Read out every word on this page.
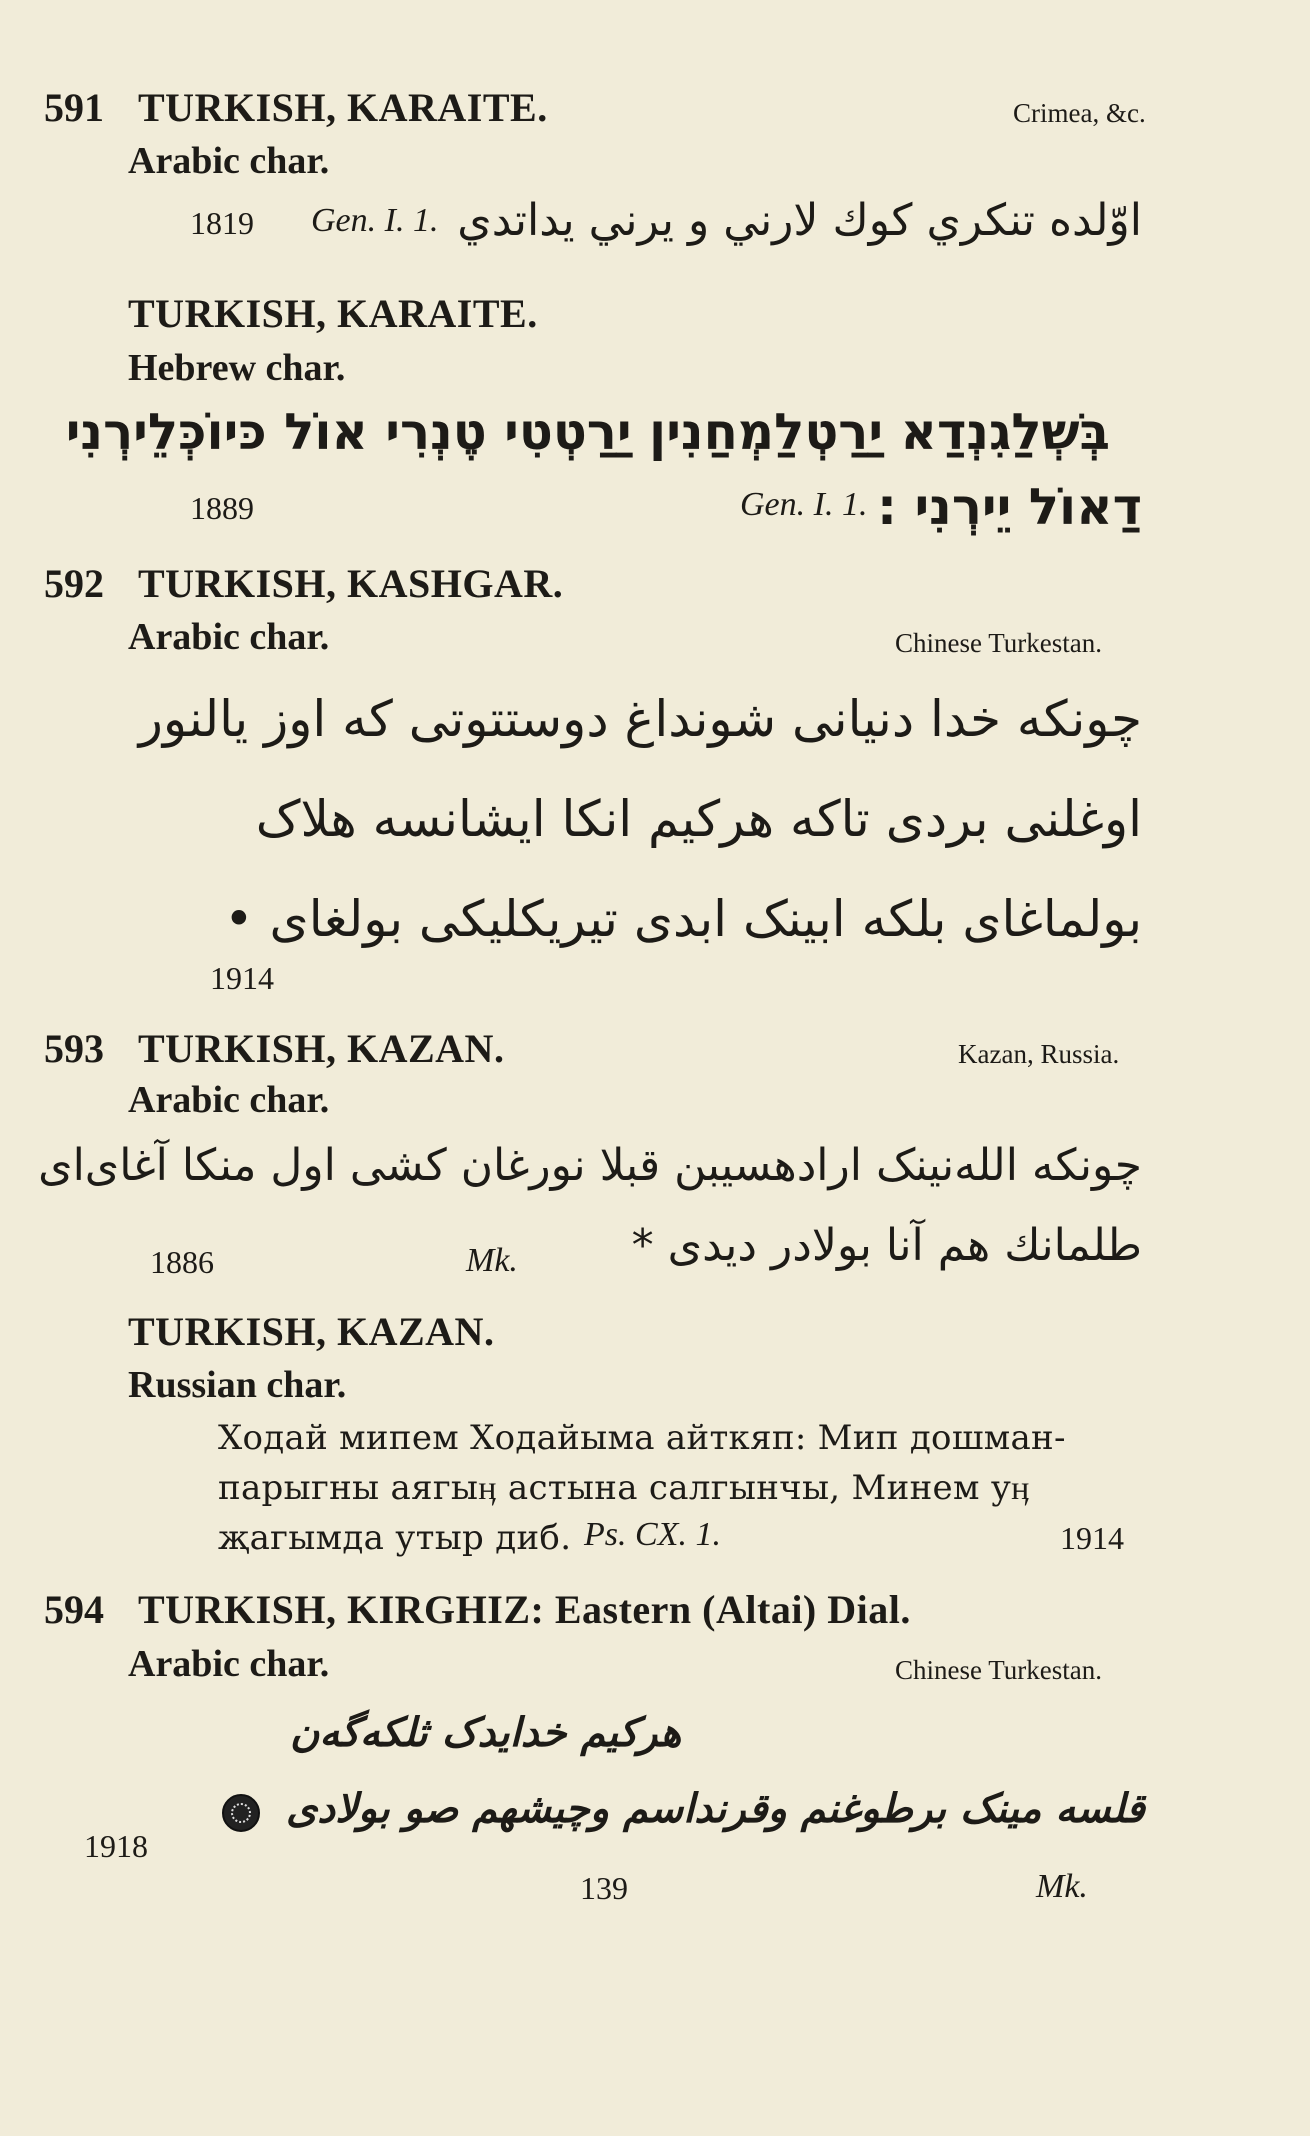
591 TURKISH, KARAITE.	Crimea, &c.
Arabic char.
1819 Gen. I. 1. اوّلده تنكري كوك لارني و يرني يداتدي
TURKISH, KARAITE.
Hebrew char.
בְּשְׁלַגִנְדַא יַרַטְלַמְחַנִין יַרַטְטִי טֶנְרִי אוֹל כּיוֹכְּלֵירְנִי
דַאוֹל יֵירְנִי :
Gen. I. 1.
1889
592 TURKISH, KASHGAR.
Arabic char.	Chinese Turkestan.
چونکه خدا دنیانی شونداغ دوستتوتی که اوز یالنور
اوغلنی بردی تاکه هرکیم انکا ایشانسه هلاک
بولماغای بلکه ابینک ابدی تیریکلیکی بولغای •
1914
593 TURKISH, KAZAN.	Kazan, Russia.
Arabic char.
چونکه الله‌نینک ارادهسیبن قبلا نورغان کشی اول منکا آغای‌ای
ﻃﻠﻤﺎﻧﻚ هم آنا بولادر دیدی *
1886	Mk.
TURKISH, KAZAN.
Russian char.
Ходай мипем Ходайыма айткяп: Мип дошман-
парыгны аягыӊ астына салгынчы, Минем уӊ
җагымда утыр диб. Ps. CX. 1.	1914
594 TURKISH, KIRGHIZ: Eastern (Altai) Dial.
Arabic char.	Chinese Turkestan.
هرکیم خدایدک ثلکه‌گه‌ن
قلسه مینک برطوغنم وقرنداسم وچیشهم صو بولادی
1918
139	Mk.
